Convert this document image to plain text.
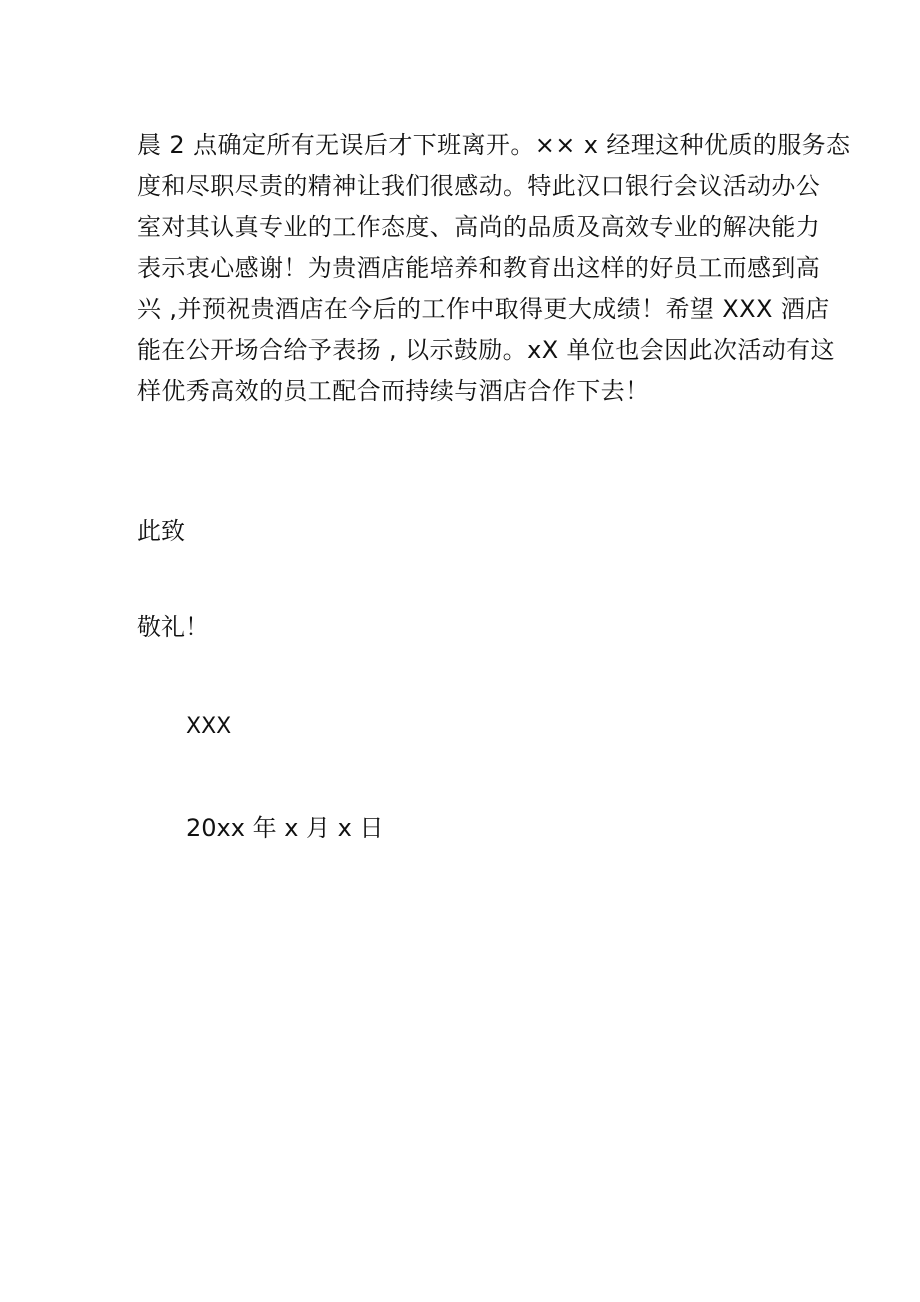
晨 2 点确定所有无误后才下班离开。×× x 经理这种优质的服务态
度和尽职尽责的精神让我们很感动。特此汉口银行会议活动办公
室对其认真专业的工作态度、高尚的品质及高效专业的解决能力
表示衷心感谢！为贵酒店能培养和教育出这样的好员工而感到高
兴 ,并预祝贵酒店在今后的工作中取得更大成绩！希望 XXX 酒店
能在公开场合给予表扬 , 以示鼓励。xX 单位也会因此次活动有这
样优秀高效的员工配合而持续与酒店合作下去！
此致
敬礼！
XXX
20xx 年 x 月 x 日
